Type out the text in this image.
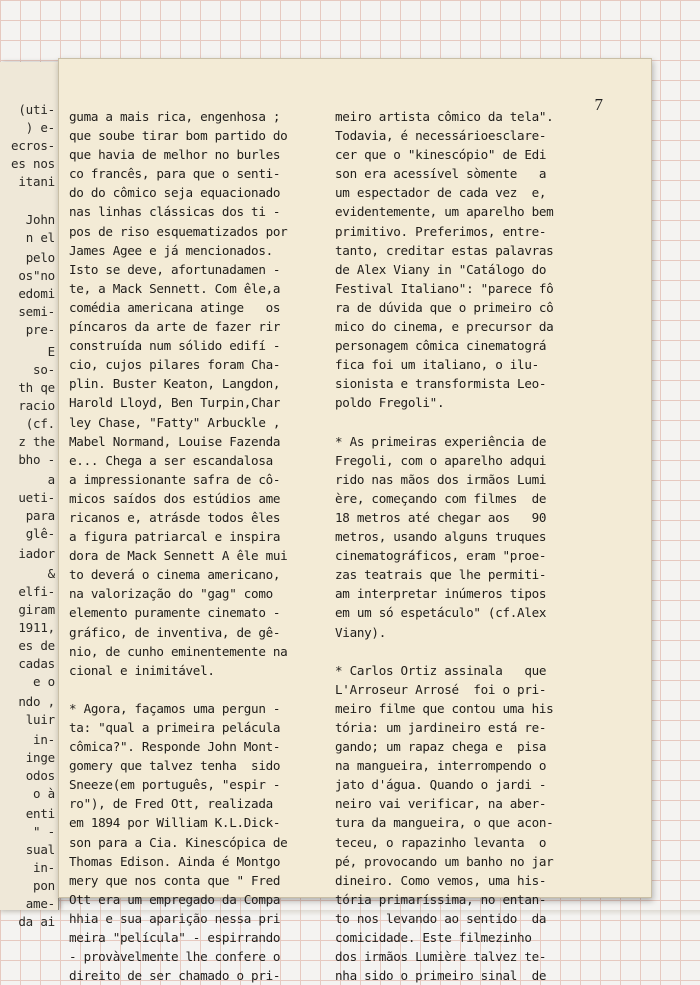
(uti-
) e-
ecros-
es nos
itani
John
n el
pelo
os"no
edomi
semi-
pre-
E
so-
th qe
racio
(cf.
z the
bho -
a
ueti-
para
glê-
iador
&
elfi-
giram
1911,
es de
cadas
e o
ndo ,
luir
in-
inge
odos
o à
enti
" -
sual
in-
pon
ame-
da ai
7
guma a mais rica, engenhosa ;
que soube tirar bom partido do
que havia de melhor no burles
co francês, para que o senti-
do do cômico seja equacionado
nas linhas clássicas dos ti -
pos de riso esquematizados por
James Agee e já mencionados.
Isto se deve, afortunadamen -
te, a Mack Sennett. Com êle,a
comédia americana atinge   os
píncaros da arte de fazer rir
construída num sólido edifí -
cio, cujos pilares foram Cha-
plin. Buster Keaton, Langdon,
Harold Lloyd, Ben Turpin,Char
ley Chase, "Fatty" Arbuckle ,
Mabel Normand, Louise Fazenda
e... Chega a ser escandalosa
a impressionante safra de cô-
micos saídos dos estúdios ame
ricanos e, atrásde todos êles
a figura patriarcal e inspira
dora de Mack Sennett A êle mui
to deverá o cinema americano,
na valorização do "gag" como
elemento puramente cinemato -
gráfico, de inventiva, de gê-
nio, de cunho eminentemente na
cional e inimitável.
* Agora, façamos uma pergun -
ta: "qual a primeira pelácula
cômica?". Responde John Mont-
gomery que talvez tenha  sido
Sneeze(em português, "espir -
ro"), de Fred Ott, realizada
em 1894 por William K.L.Dick-
son para a Cia. Kinescópica de
Thomas Edison. Ainda é Montgo
mery que nos conta que " Fred
Ott era um empregado da Compa
hhia e sua aparição nessa pri
meira "película" - espirrando
- provàvelmente lhe confere o
direito de ser chamado o pri-
meiro artista cômico da tela".
Todavia, é necessárioesclare-
cer que o "kinescópio" de Edi
son era acessível sòmente   a
um espectador de cada vez  e,
evidentemente, um aparelho bem
primitivo. Preferimos, entre-
tanto, creditar estas palavras
de Alex Viany in "Catálogo do
Festival Italiano": "parece fô
ra de dúvida que o primeiro cô
mico do cinema, e precursor da
personagem cômica cinematográ
fica foi um italiano, o ilu-
sionista e transformista Leo-
poldo Fregoli".
* As primeiras experiência de
Fregoli, com o aparelho adqui
rido nas mãos dos irmãos Lumi
ère, começando com filmes  de
18 metros até chegar aos   90
metros, usando alguns truques
cinematográficos, eram "proe-
zas teatrais que lhe permiti-
am interpretar inúmeros tipos
em um só espetáculo" (cf.Alex
Viany).
* Carlos Ortiz assinala   que
L'Arroseur Arrosé  foi o pri-
meiro filme que contou uma his
tória: um jardineiro está re-
gando; um rapaz chega e  pisa
na mangueira, interrompendo o
jato d'água. Quando o jardi -
neiro vai verificar, na aber-
tura da mangueira, o que acon-
teceu, o rapazinho levanta  o
pé, provocando um banho no jar
dineiro. Como vemos, uma his-
tória primaríssima, no entan-
to nos levando ao sentido  da
comicidade. Este filmezinho
dos irmãos Lumière talvez te-
nha sido o primeiro sinal  de
